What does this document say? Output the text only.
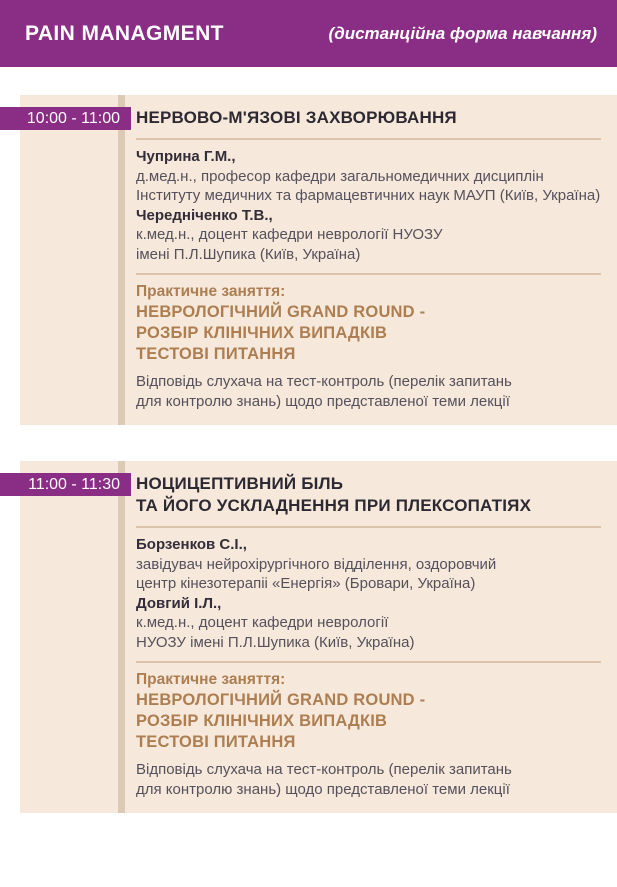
PAIN MANAGMENT	(дистанційна форма навчання)
10:00 - 11:00 НЕРВОВО-М'ЯЗОВІ ЗАХВОРЮВАННЯ
Чуприна Г.М.,
д.мед.н., професор кафедри загальномедичних дисциплін
Інституту медичних та фармацевтичних наук МАУП (Київ, Україна)
Чередніченко Т.В.,
к.мед.н., доцент кафедри неврології НУОЗУ
імені П.Л.Шупика (Київ, Україна)
Практичне заняття:
НЕВРОЛОГІЧНИЙ GRAND ROUND -
РОЗБІР КЛІНІЧНИХ ВИПАДКІВ
ТЕСТОВІ ПИТАННЯ
Відповідь слухача на тест-контроль (перелік запитань
для контролю знань) щодо представленої теми лекції
11:00 - 11:30 НОЦИЦЕПТИВНИЙ БІЛЬ
ТА ЙОГО УСКЛАДНЕННЯ ПРИ ПЛЕКСОПАТІЯХ
Борзенков С.І.,
завідувач нейрохірургічного відділення, оздоровчий
центр кінезотерапіі «Енергія» (Бровари, Україна)
Довгий І.Л.,
к.мед.н., доцент кафедри неврології
НУОЗУ імені П.Л.Шупика (Київ, Україна)
Практичне заняття:
НЕВРОЛОГІЧНИЙ GRAND ROUND -
РОЗБІР КЛІНІЧНИХ ВИПАДКІВ
ТЕСТОВІ ПИТАННЯ
Відповідь слухача на тест-контроль (перелік запитань
для контролю знань) щодо представленої теми лекції
